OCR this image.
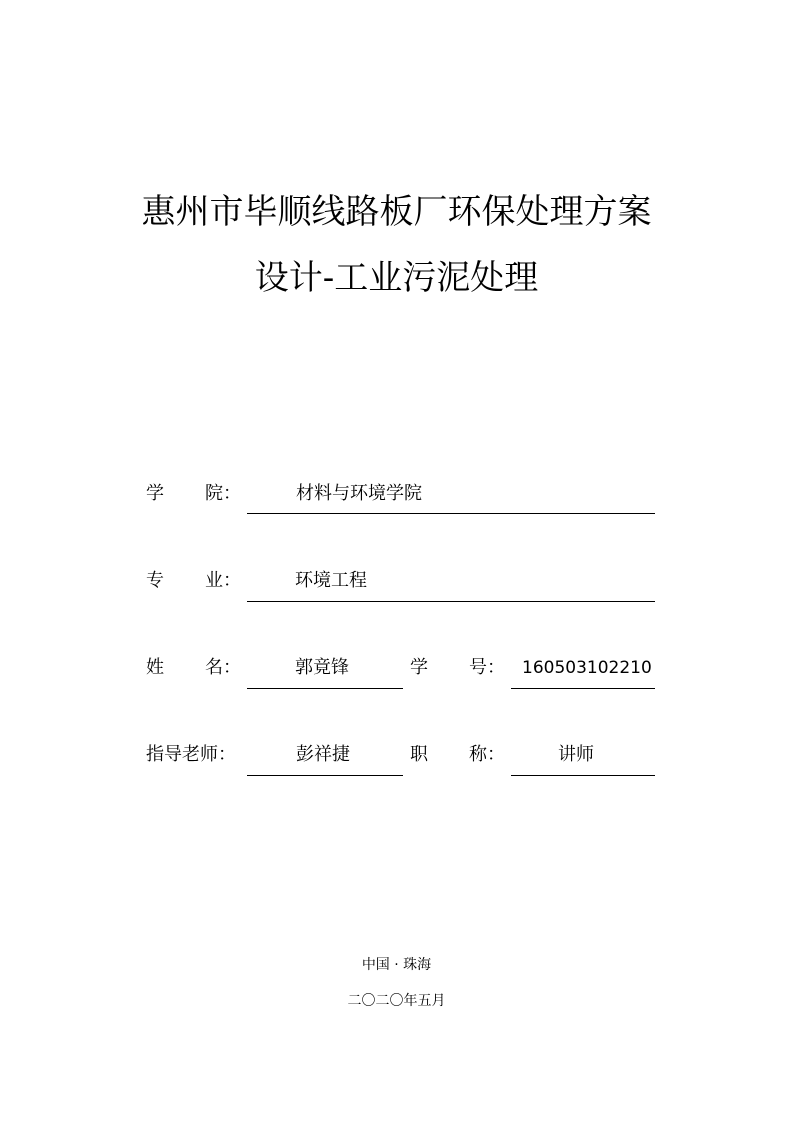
惠州市毕顺线路板厂环保处理方案
设计-工业污泥处理
学 院：	材料与环境学院
专 业：	环境工程
姓 名：	郭竟锋	学 号： 160503102210
指导老师：	彭祥捷	职 称：	讲师
中国 · 珠海
二〇二〇年五月
